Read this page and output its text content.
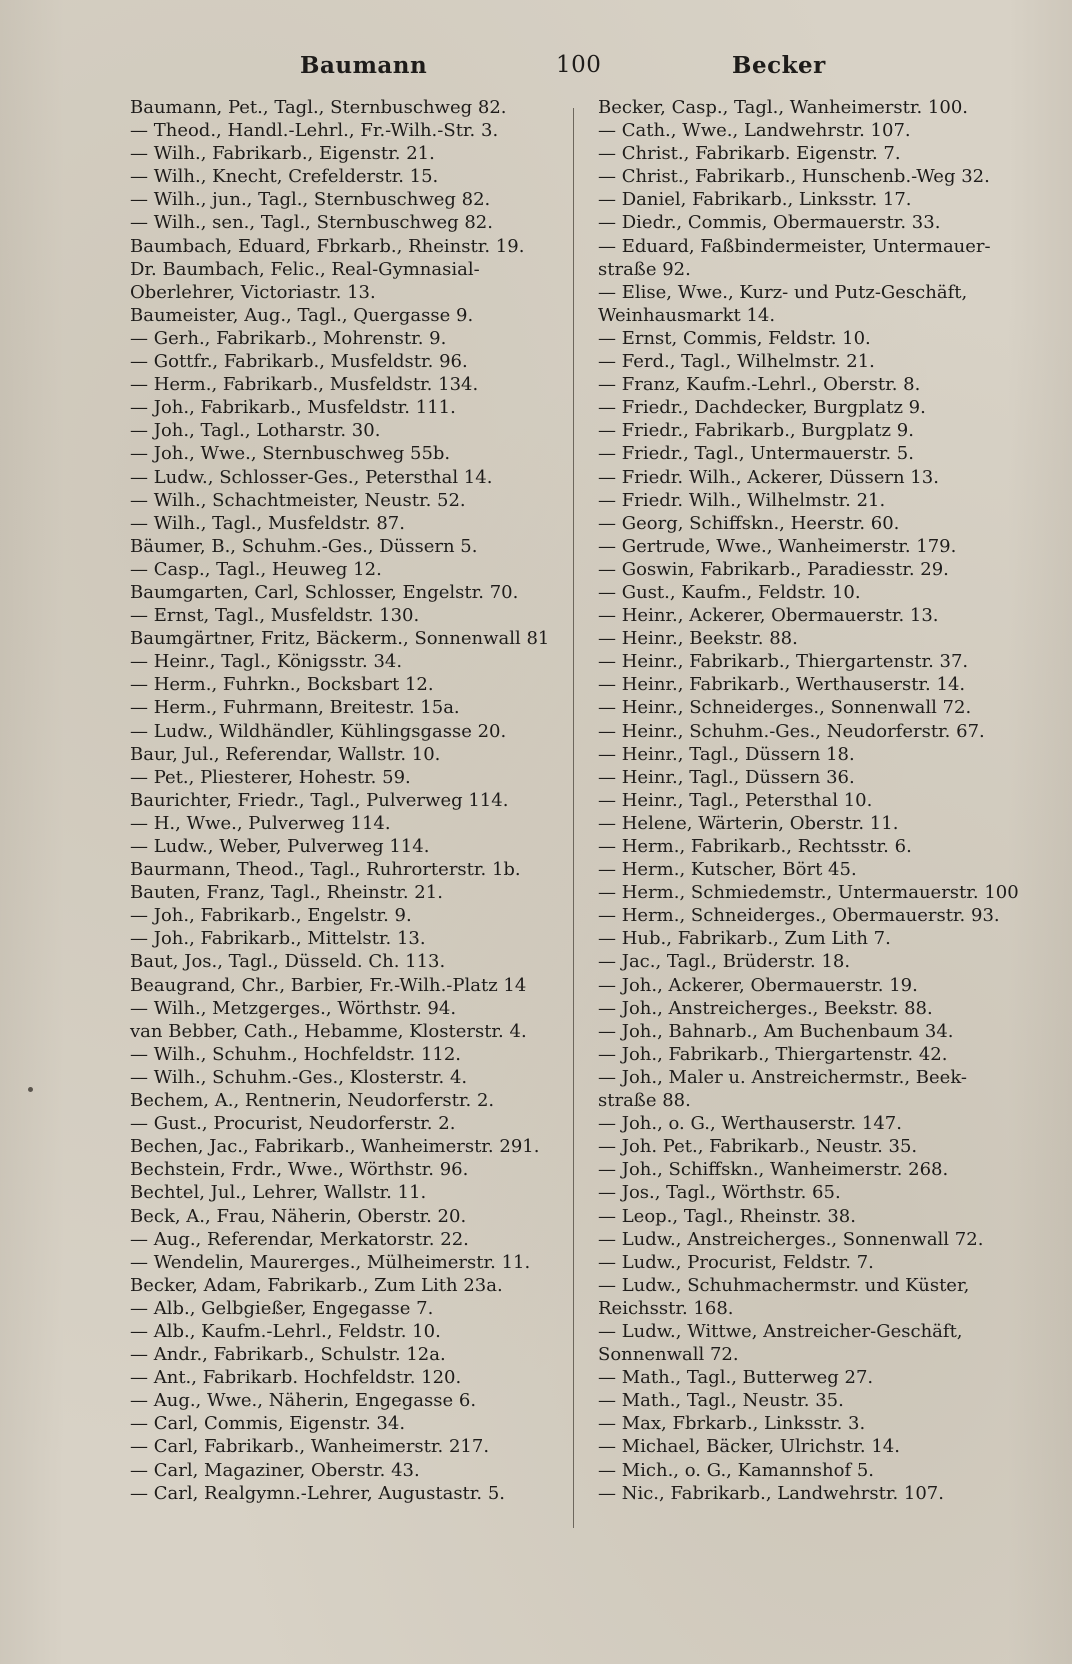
Baumann	100	Becker
Baumann, Pet., Tagl., Sternbuschweg 82.
— Theod., Handl.-Lehrl., Fr.-Wilh.-Str. 3.
— Wilh., Fabrikarb., Eigenstr. 21.
— Wilh., Knecht, Crefelderstr. 15.
— Wilh., jun., Tagl., Sternbuschweg 82.
— Wilh., sen., Tagl., Sternbuschweg 82.
Baumbach, Eduard, Fbrkarb., Rheinstr. 19.
Dr. Baumbach, Felic., Real-Gymnasial-
Oberlehrer, Victoriastr. 13.
Baumeister, Aug., Tagl., Quergasse 9.
— Gerh., Fabrikarb., Mohrenstr. 9.
— Gottfr., Fabrikarb., Musfeldstr. 96.
— Herm., Fabrikarb., Musfeldstr. 134.
— Joh., Fabrikarb., Musfeldstr. 111.
— Joh., Tagl., Lotharstr. 30.
— Joh., Wwe., Sternbuschweg 55b.
— Ludw., Schlosser-Ges., Petersthal 14.
— Wilh., Schachtmeister, Neustr. 52.
— Wilh., Tagl., Musfeldstr. 87.
Bäumer, B., Schuhm.-Ges., Düssern 5.
— Casp., Tagl., Heuweg 12.
Baumgarten, Carl, Schlosser, Engelstr. 70.
— Ernst, Tagl., Musfeldstr. 130.
Baumgärtner, Fritz, Bäckerm., Sonnenwall 81
— Heinr., Tagl., Königsstr. 34.
— Herm., Fuhrkn., Bocksbart 12.
— Herm., Fuhrmann, Breitestr. 15a.
— Ludw., Wildhändler, Kühlingsgasse 20.
Baur, Jul., Referendar, Wallstr. 10.
— Pet., Pliesterer, Hohestr. 59.
Baurichter, Friedr., Tagl., Pulverweg 114.
— H., Wwe., Pulverweg 114.
— Ludw., Weber, Pulverweg 114.
Baurmann, Theod., Tagl., Ruhrorterstr. 1b.
Bauten, Franz, Tagl., Rheinstr. 21.
— Joh., Fabrikarb., Engelstr. 9.
— Joh., Fabrikarb., Mittelstr. 13.
Baut, Jos., Tagl., Düsseld. Ch. 113.
Beaugrand, Chr., Barbier, Fr.-Wilh.-Platz 14
— Wilh., Metzgerges., Wörthstr. 94.
van Bebber, Cath., Hebamme, Klosterstr. 4.
— Wilh., Schuhm., Hochfeldstr. 112.
— Wilh., Schuhm.-Ges., Klosterstr. 4.
Bechem, A., Rentnerin, Neudorferstr. 2.
— Gust., Procurist, Neudorferstr. 2.
Bechen, Jac., Fabrikarb., Wanheimerstr. 291.
Bechstein, Frdr., Wwe., Wörthstr. 96.
Bechtel, Jul., Lehrer, Wallstr. 11.
Beck, A., Frau, Näherin, Oberstr. 20.
— Aug., Referendar, Merkatorstr. 22.
— Wendelin, Maurerges., Mülheimerstr. 11.
Becker, Adam, Fabrikarb., Zum Lith 23a.
— Alb., Gelbgießer, Engegasse 7.
— Alb., Kaufm.-Lehrl., Feldstr. 10.
— Andr., Fabrikarb., Schulstr. 12a.
— Ant., Fabrikarb. Hochfeldstr. 120.
— Aug., Wwe., Näherin, Engegasse 6.
— Carl, Commis, Eigenstr. 34.
— Carl, Fabrikarb., Wanheimerstr. 217.
— Carl, Magaziner, Oberstr. 43.
— Carl, Realgymn.-Lehrer, Augustastr. 5.
Becker, Casp., Tagl., Wanheimerstr. 100.
— Cath., Wwe., Landwehrstr. 107.
— Christ., Fabrikarb. Eigenstr. 7.
— Christ., Fabrikarb., Hunschenb.-Weg 32.
— Daniel, Fabrikarb., Linksstr. 17.
— Diedr., Commis, Obermauerstr. 33.
— Eduard, Faßbindermeister, Untermauer-
straße 92.
— Elise, Wwe., Kurz- und Putz-Geschäft,
Weinhausmarkt 14.
— Ernst, Commis, Feldstr. 10.
— Ferd., Tagl., Wilhelmstr. 21.
— Franz, Kaufm.-Lehrl., Oberstr. 8.
— Friedr., Dachdecker, Burgplatz 9.
— Friedr., Fabrikarb., Burgplatz 9.
— Friedr., Tagl., Untermauerstr. 5.
— Friedr. Wilh., Ackerer, Düssern 13.
— Friedr. Wilh., Wilhelmstr. 21.
— Georg, Schiffskn., Heerstr. 60.
— Gertrude, Wwe., Wanheimerstr. 179.
— Goswin, Fabrikarb., Paradiesstr. 29.
— Gust., Kaufm., Feldstr. 10.
— Heinr., Ackerer, Obermauerstr. 13.
— Heinr., Beekstr. 88.
— Heinr., Fabrikarb., Thiergartenstr. 37.
— Heinr., Fabrikarb., Werthauserstr. 14.
— Heinr., Schneiderges., Sonnenwall 72.
— Heinr., Schuhm.-Ges., Neudorferstr. 67.
— Heinr., Tagl., Düssern 18.
— Heinr., Tagl., Düssern 36.
— Heinr., Tagl., Petersthal 10.
— Helene, Wärterin, Oberstr. 11.
— Herm., Fabrikarb., Rechtsstr. 6.
— Herm., Kutscher, Bört 45.
— Herm., Schmiedemstr., Untermauerstr. 100
— Herm., Schneiderges., Obermauerstr. 93.
— Hub., Fabrikarb., Zum Lith 7.
— Jac., Tagl., Brüderstr. 18.
— Joh., Ackerer, Obermauerstr. 19.
— Joh., Anstreicherges., Beekstr. 88.
— Joh., Bahnarb., Am Buchenbaum 34.
— Joh., Fabrikarb., Thiergartenstr. 42.
— Joh., Maler u. Anstreichermstr., Beek-
straße 88.
— Joh., o. G., Werthauserstr. 147.
— Joh. Pet., Fabrikarb., Neustr. 35.
— Joh., Schiffskn., Wanheimerstr. 268.
— Jos., Tagl., Wörthstr. 65.
— Leop., Tagl., Rheinstr. 38.
— Ludw., Anstreicherges., Sonnenwall 72.
— Ludw., Procurist, Feldstr. 7.
— Ludw., Schuhmachermstr. und Küster,
Reichsstr. 168.
— Ludw., Wittwe, Anstreicher-Geschäft,
Sonnenwall 72.
— Math., Tagl., Butterweg 27.
— Math., Tagl., Neustr. 35.
— Max, Fbrkarb., Linksstr. 3.
— Michael, Bäcker, Ulrichstr. 14.
— Mich., o. G., Kamannshof 5.
— Nic., Fabrikarb., Landwehrstr. 107.
